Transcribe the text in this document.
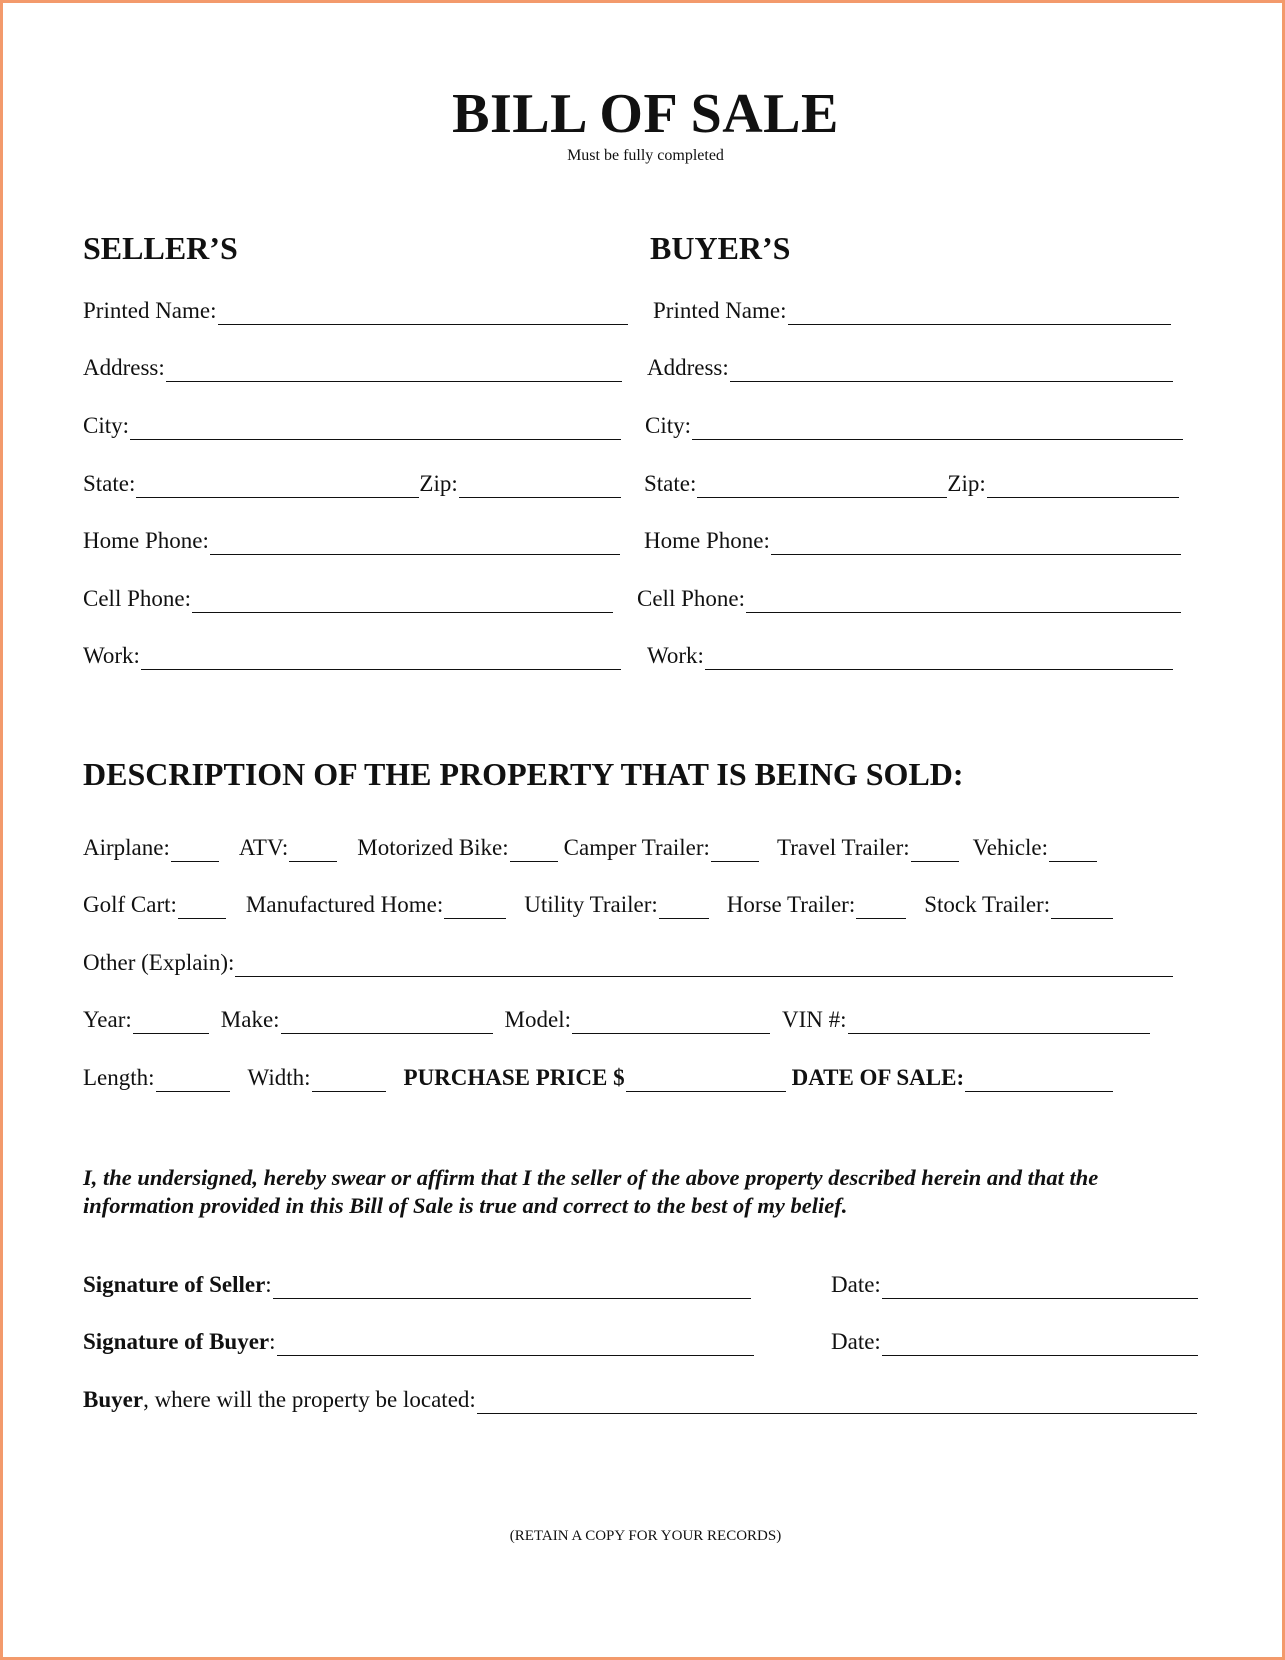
BILL OF SALE
Must be fully completed
SELLER’S	BUYER’S
Printed Name:	Printed Name:
Address:	Address:
City:	City:
State:	Zip:	State:	Zip:
Home Phone:	Home Phone:
Cell Phone:	Cell Phone:
Work:	Work:
DESCRIPTION OF THE PROPERTY THAT IS BEING SOLD:
Airplane:	ATV:	Motorized Bike: Camper Trailer:	Travel Trailer:	Vehicle:
Golf Cart:	Manufactured Home:	Utility Trailer:	Horse Trailer:	Stock Trailer:
Other (Explain):
Year:	Make:	Model:	VIN #:
Length:	Width:	PURCHASE PRICE $	DATE OF SALE:
I, the undersigned, hereby swear or affirm that I the seller of the above property described herein and that the information provided in this Bill of Sale is true and correct to the best of my belief.
Signature of Seller :	Date:
Signature of Buyer :	Date:
Buyer , where will the property be located:
(RETAIN A COPY FOR YOUR RECORDS)
